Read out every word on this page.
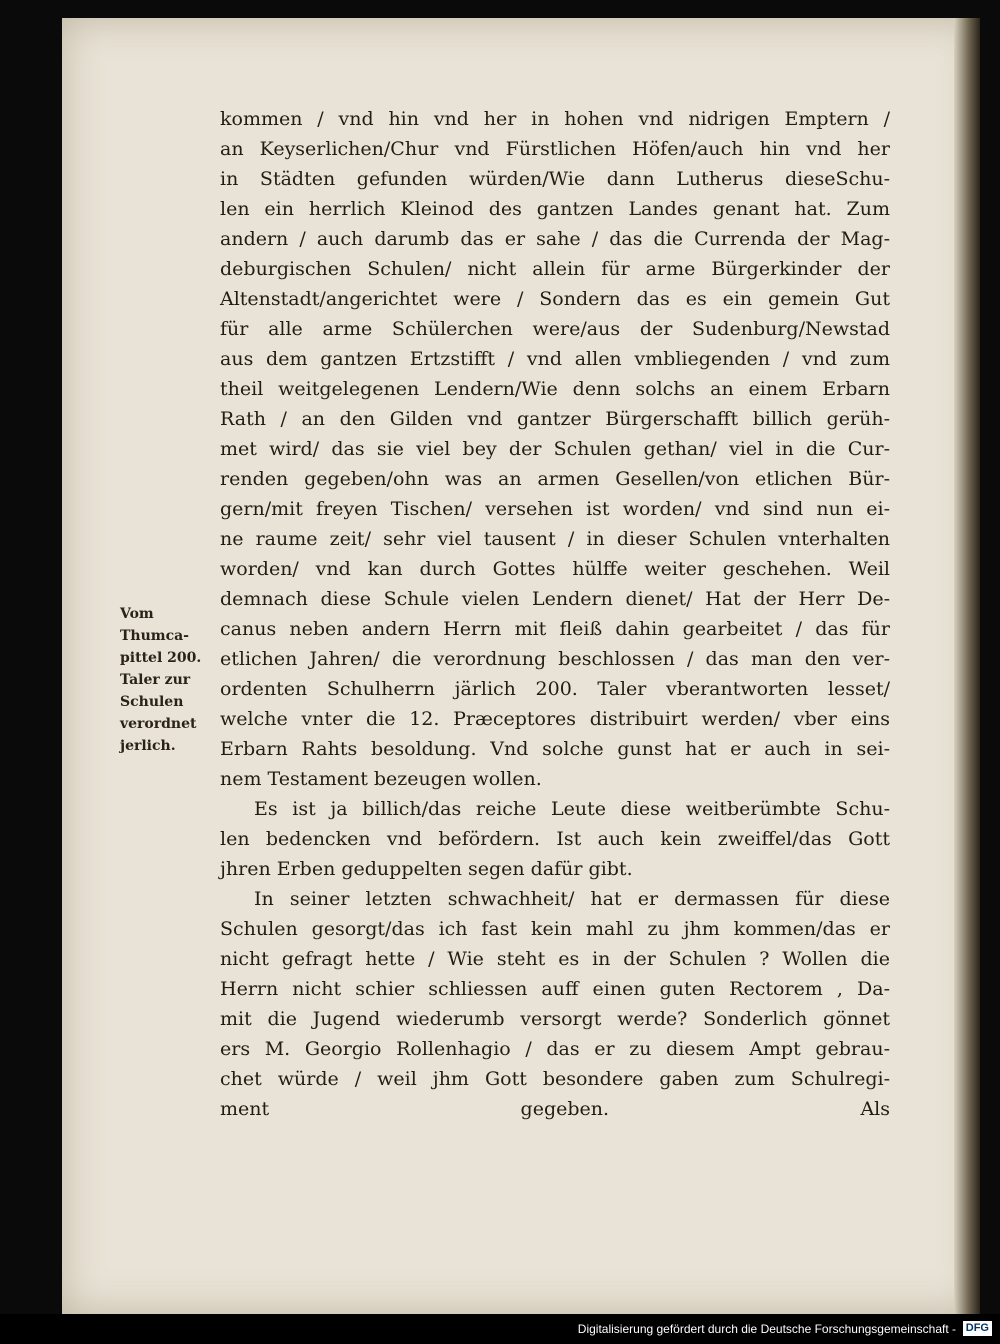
Vom
Thumca-
pittel 200.
Taler zur
Schulen
verordnet
jerlich.
kommen / vnd hin vnd her in hohen vnd nidrigen Emptern /
an Keyserlichen/Chur vnd Fürstlichen Höfen/auch hin vnd her
in Städten gefunden würden/Wie dann Lutherus dieseSchu-
len ein herrlich Kleinod des gantzen Landes genant hat. Zum
andern / auch darumb das er sahe / das die Currenda der Mag-
deburgischen Schulen/ nicht allein für arme Bürgerkinder der
Altenstadt/angerichtet were / Sondern das es ein gemein Gut
für alle arme Schülerchen were/aus der Sudenburg/Newstad
aus dem gantzen Ertzstifft / vnd allen vmbliegenden / vnd zum
theil weitgelegenen Lendern/Wie denn solchs an einem Erbarn
Rath / an den Gilden vnd gantzer Bürgerschafft billich gerüh-
met wird/ das sie viel bey der Schulen gethan/ viel in die Cur-
renden gegeben/ohn was an armen Gesellen/von etlichen Bür-
gern/mit freyen Tischen/ versehen ist worden/ vnd sind nun ei-
ne raume zeit/ sehr viel tausent / in dieser Schulen vnterhalten
worden/ vnd kan durch Gottes hülffe weiter geschehen. Weil
demnach diese Schule vielen Lendern dienet/ Hat der Herr De-
canus neben andern Herrn mit fleiß dahin gearbeitet / das für
etlichen Jahren/ die verordnung beschlossen / das man den ver-
ordenten Schulherrn järlich 200. Taler vberantworten lesset/
welche vnter die 12. Præceptores distribuirt werden/ vber eins
Erbarn Rahts besoldung. Vnd solche gunst hat er auch in sei-
nem Testament bezeugen wollen.
Es ist ja billich/das reiche Leute diese weitberümbte Schu-
len bedencken vnd befördern. Ist auch kein zweiffel/das Gott
jhren Erben geduppelten segen dafür gibt.
In seiner letzten schwachheit/ hat er dermassen für diese
Schulen gesorgt/das ich fast kein mahl zu jhm kommen/das er
nicht gefragt hette / Wie steht es in der Schulen ? Wollen die
Herrn nicht schier schliessen auff einen guten Rectorem , Da-
mit die Jugend wiederumb versorgt werde? Sonderlich gönnet
ers M. Georgio Rollenhagio / das er zu diesem Ampt gebrau-
chet würde / weil jhm Gott besondere gaben zum Schulregi-
ment gegeben. Als
Digitalisierung gefördert durch die Deutsche Forschungsgemeinschaft - DFG
